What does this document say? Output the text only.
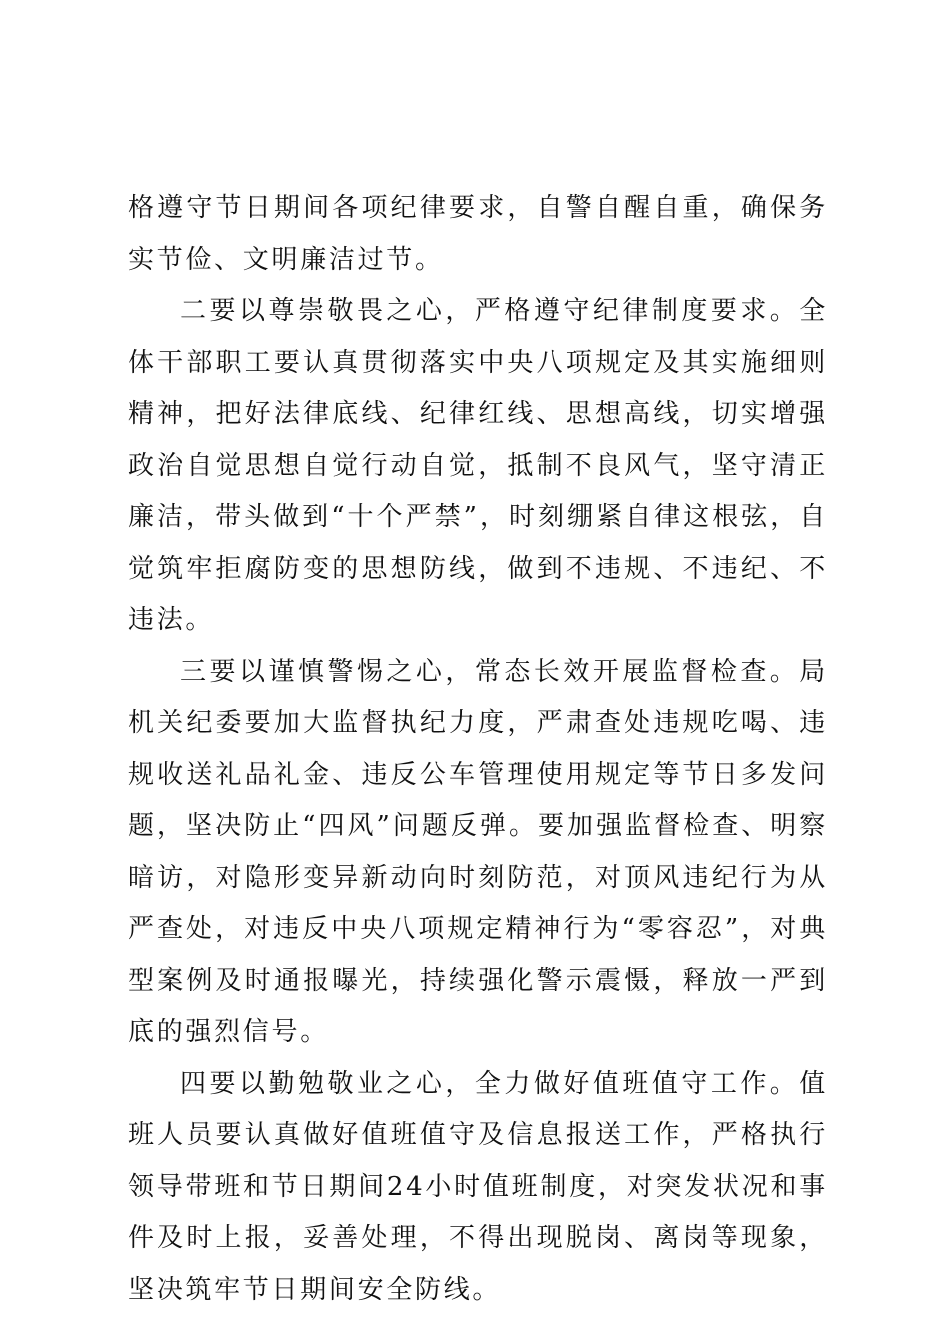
格遵守节日期间各项纪律要求，自警自醒自重，确保务实节俭、文明廉洁过节。

二要以尊崇敬畏之心，严格遵守纪律制度要求。全体干部职工要认真贯彻落实中央八项规定及其实施细则精神，把好法律底线、纪律红线、思想高线，切实增强政治自觉思想自觉行动自觉，抵制不良风气，坚守清正廉洁，带头做到“十个严禁”，时刻绷紧自律这根弦，自觉筑牢拒腐防变的思想防线，做到不违规、不违纪、不违法。

三要以谨慎警惕之心，常态长效开展监督检查。局机关纪委要加大监督执纪力度，严肃查处违规吃喝、违规收送礼品礼金、违反公车管理使用规定等节日多发问题，坚决防止“四风”问题反弹。要加强监督检查、明察暗访，对隐形变异新动向时刻防范，对顶风违纪行为从严查处，对违反中央八项规定精神行为“零容忍”，对典型案例及时通报曝光，持续强化警示震慑，释放一严到底的强烈信号。

四要以勤勉敬业之心，全力做好值班值守工作。值班人员要认真做好值班值守及信息报送工作，严格执行领导带班和节日期间24小时值班制度，对突发状况和事件及时上报，妥善处理，不得出现脱岗、离岗等现象，坚决筑牢节日期间安全防线。
